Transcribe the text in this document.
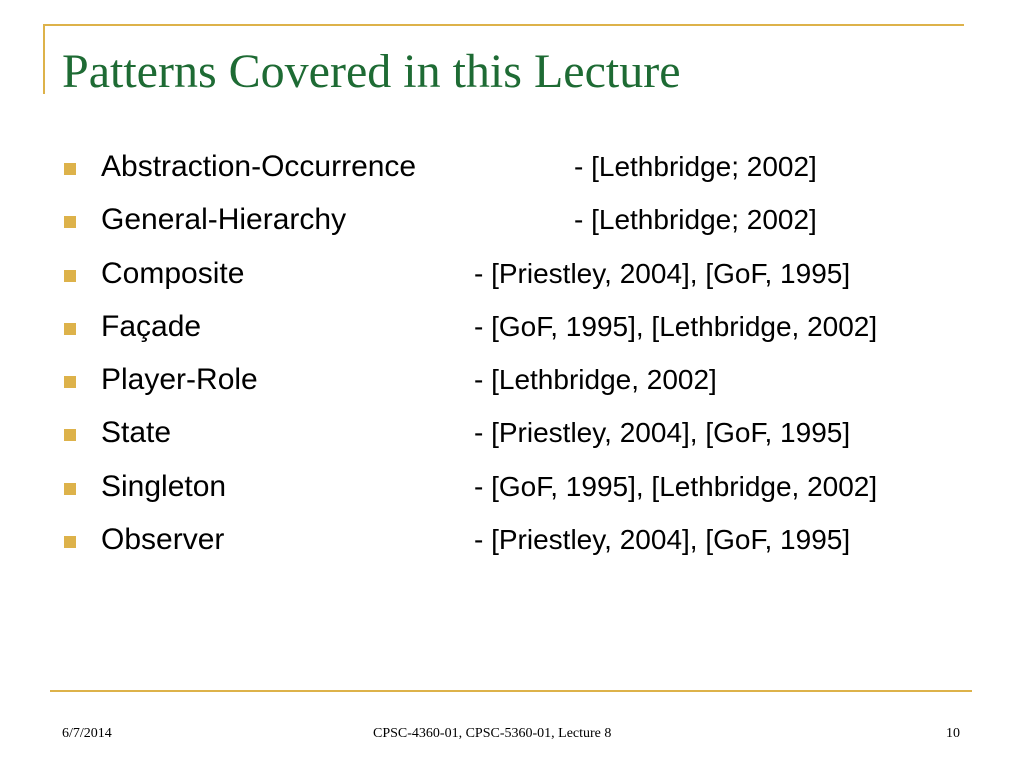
Patterns Covered in this Lecture
Abstraction-Occurrence	- [Lethbridge; 2002]
General-Hierarchy	- [Lethbridge; 2002]
Composite	- [Priestley, 2004], [GoF, 1995]
Façade	- [GoF, 1995], [Lethbridge, 2002]
Player-Role	- [Lethbridge, 2002]
State	- [Priestley, 2004], [GoF, 1995]
Singleton	- [GoF, 1995], [Lethbridge, 2002]
Observer	- [Priestley, 2004], [GoF, 1995]
6/7/2014	CPSC-4360-01, CPSC-5360-01, Lecture 8	10
